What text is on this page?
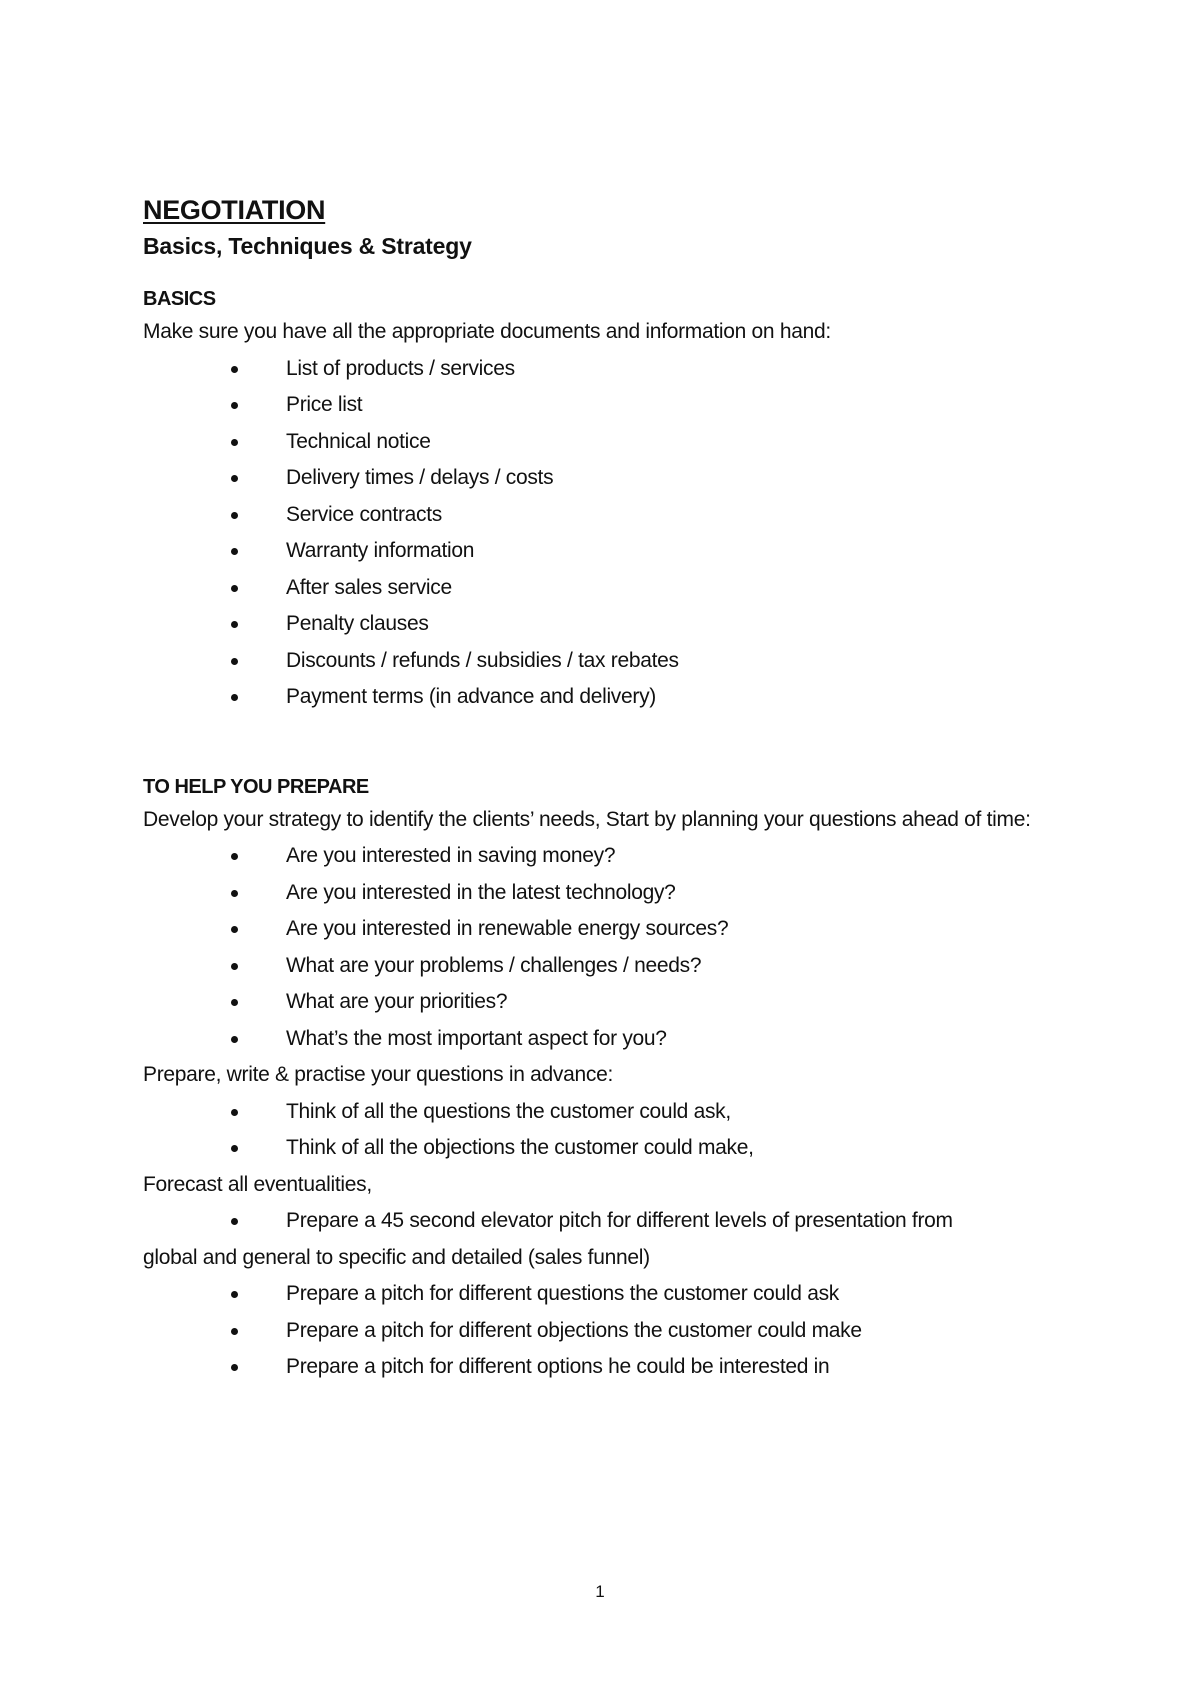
NEGOTIATION
Basics, Techniques & Strategy
BASICS

Make sure you have all the appropriate documents and information on hand:

List of products / services
Price list
Technical notice
Delivery times / delays / costs
Service contracts
Warranty information
After sales service
Penalty clauses
Discounts / refunds / subsidies / tax rebates
Payment terms (in advance and delivery)
TO HELP YOU PREPARE

Develop your strategy to identify the clients’ needs, Start by planning your questions ahead of time:

Are you interested in saving money?
Are you interested in the latest technology?
Are you interested in renewable energy sources?
What are your problems / challenges / needs?
What are your priorities?
What’s the most important aspect for you?

Prepare, write & practise your questions in advance:

Think of all the questions the customer could ask,
Think of all the objections the customer could make,

Forecast all eventualities,

Prepare a 45 second elevator pitch for different levels of presentation from
global and general to specific and detailed (sales funnel)
Prepare a pitch for different questions the customer could ask
Prepare a pitch for different objections the customer could make
Prepare a pitch for different options he could be interested in
1
